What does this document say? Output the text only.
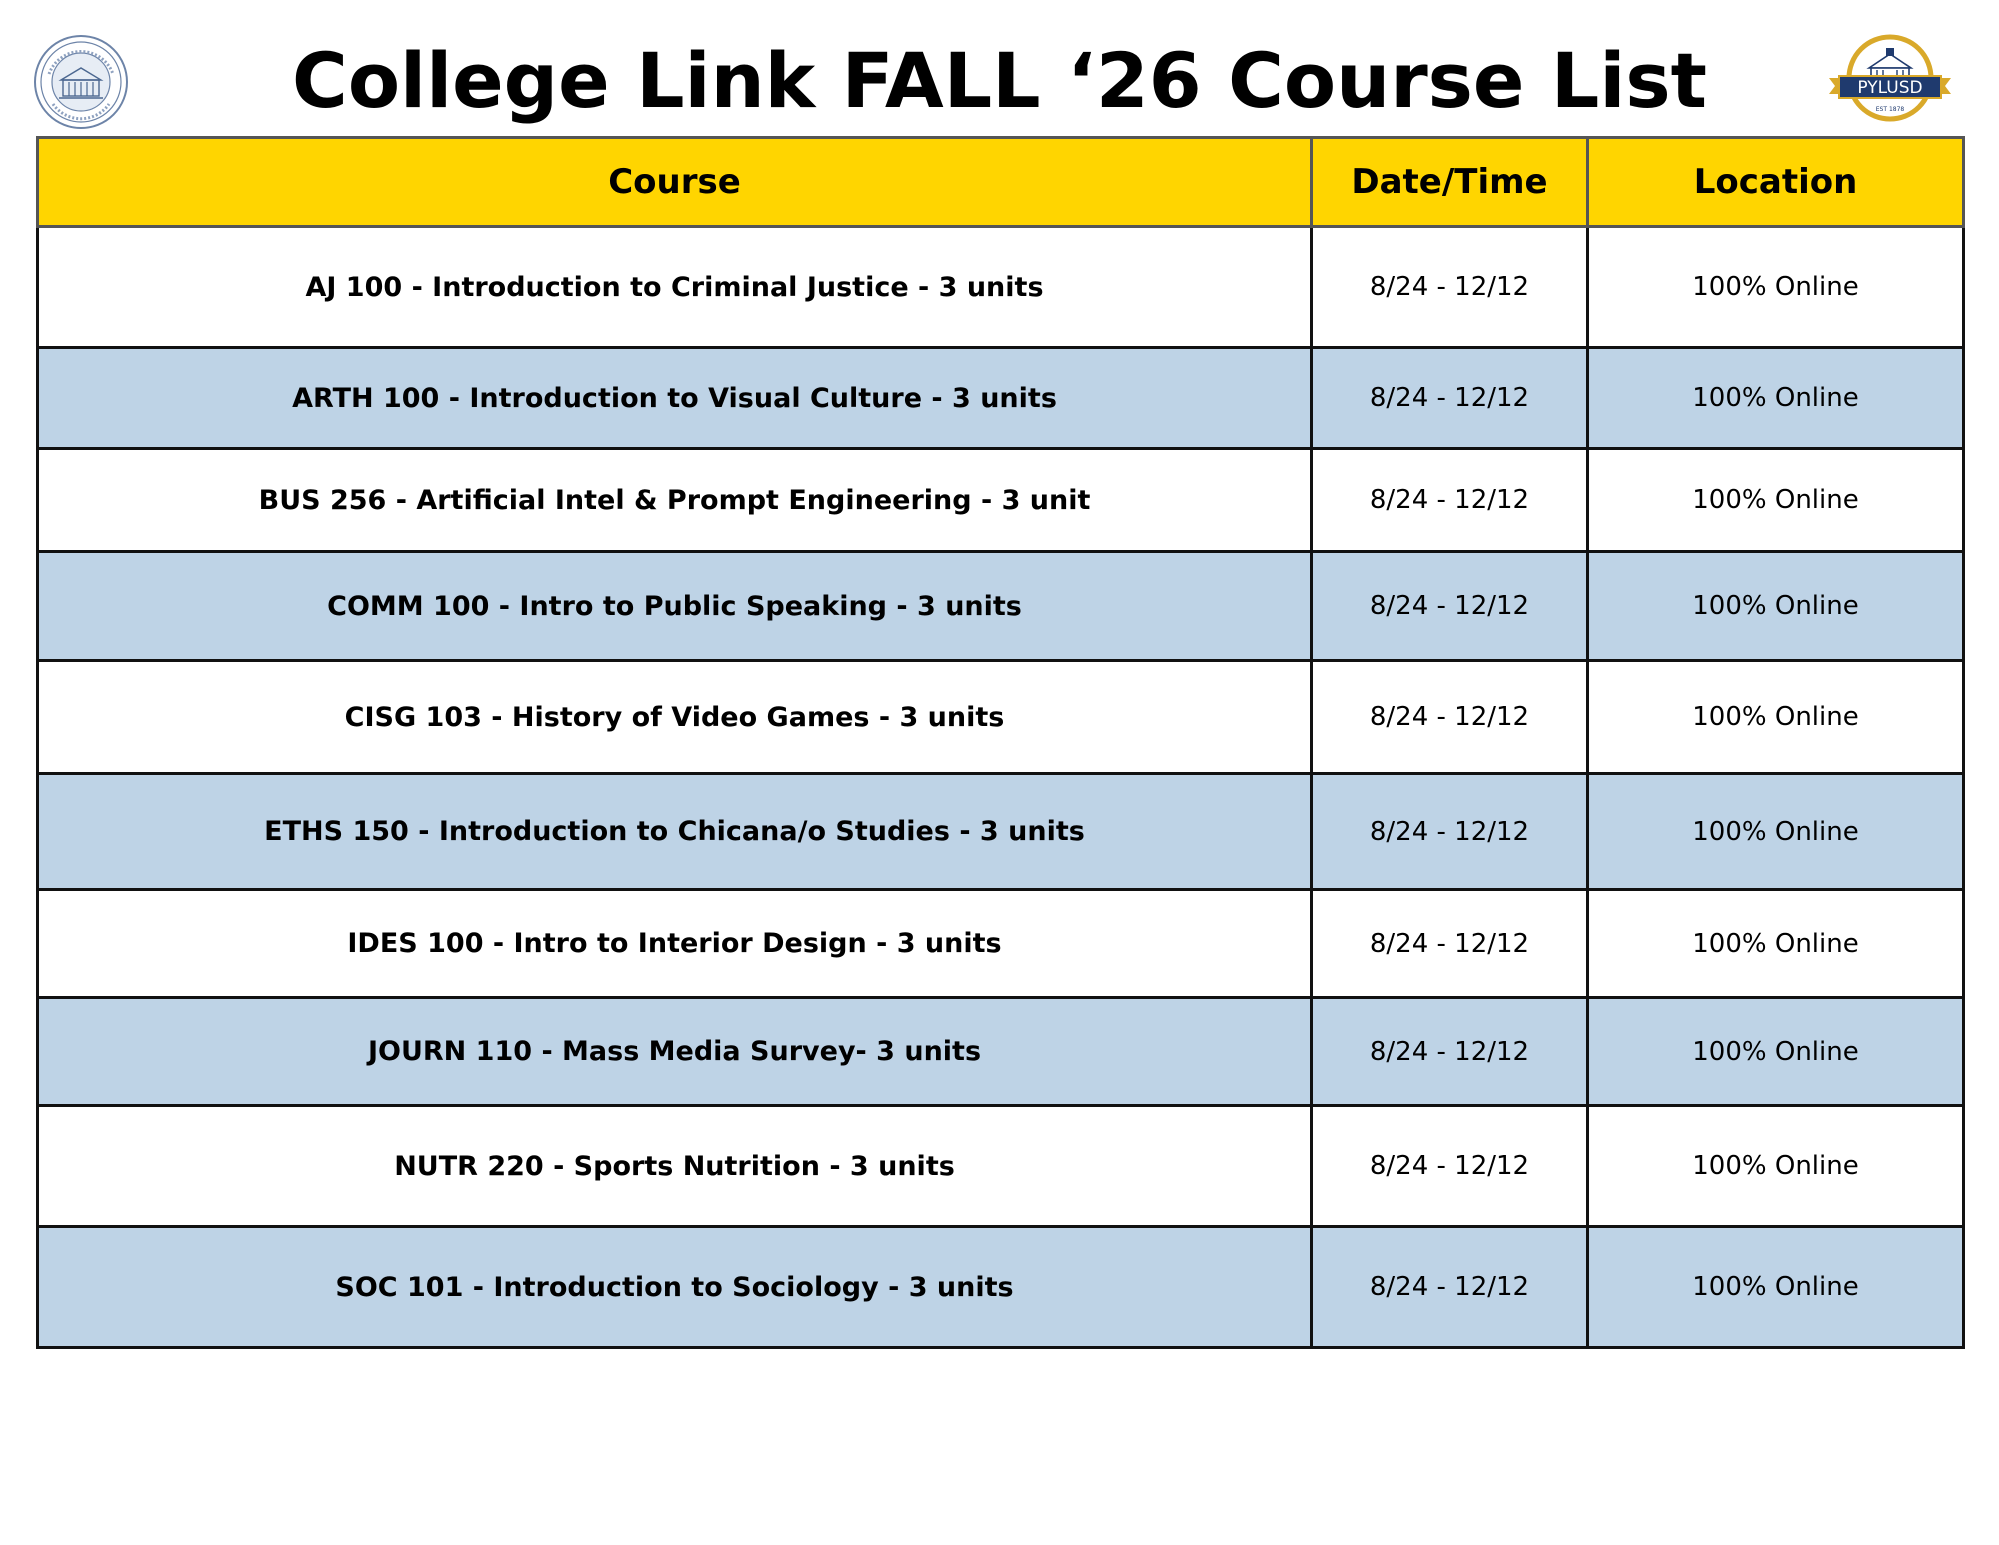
College Link FALL ‘26 Course List	PYLUSD
EST 1878
Course	Date/Time	Location
AJ 100 - Introduction to Criminal Justice - 3 units	8/24 - 12/12	100% Online
ARTH 100 - Introduction to Visual Culture - 3 units	8/24 - 12/12	100% Online
BUS 256 - Artificial Intel & Prompt Engineering - 3 unit	8/24 - 12/12	100% Online
COMM 100 - Intro to Public Speaking - 3 units	8/24 - 12/12	100% Online
CISG 103 - History of Video Games - 3 units	8/24 - 12/12	100% Online
ETHS 150 - Introduction to Chicana/o Studies - 3 units	8/24 - 12/12	100% Online
IDES 100 - Intro to Interior Design - 3 units	8/24 - 12/12	100% Online
JOURN 110 - Mass Media Survey- 3 units	8/24 - 12/12	100% Online
NUTR 220 - Sports Nutrition - 3 units	8/24 - 12/12	100% Online
SOC 101 - Introduction to Sociology - 3 units	8/24 - 12/12	100% Online
